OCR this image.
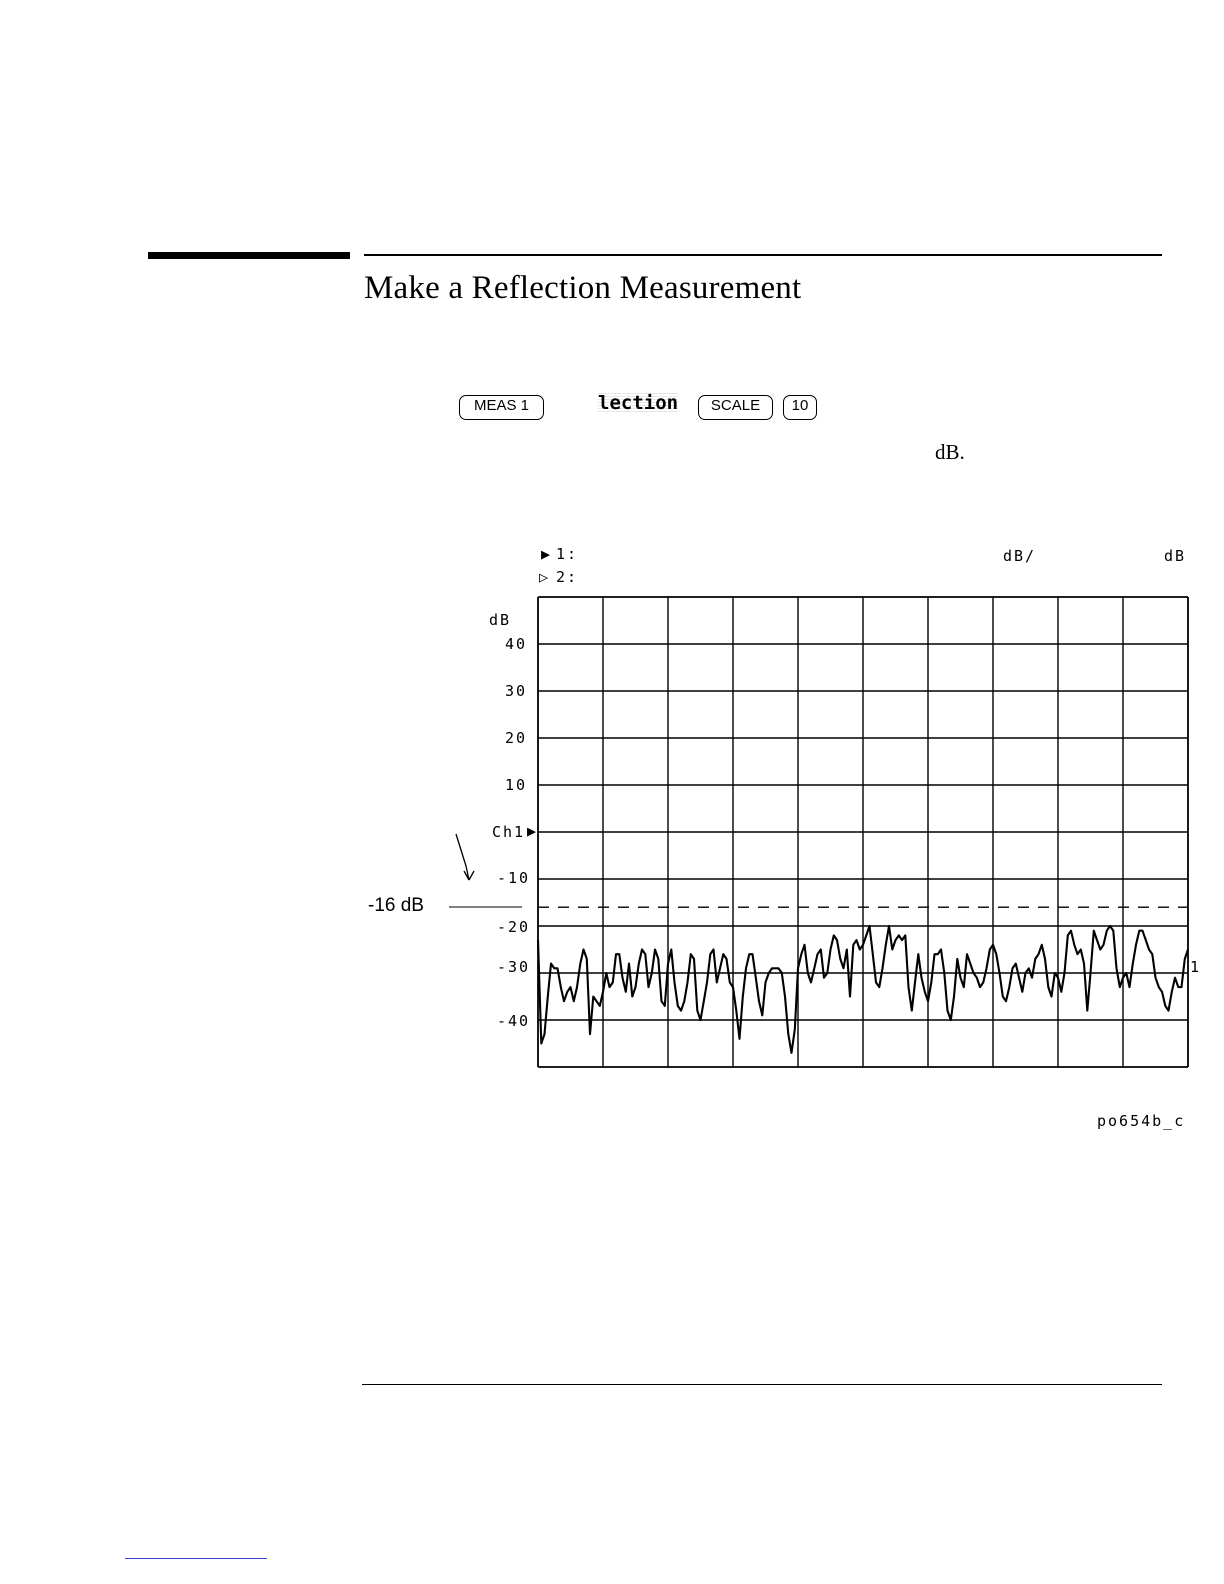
Make a Reflection Measurement
MEAS 1	lection	SCALE	10
dB.
▶ 1:
▷ 2:
dB/	dB
dB
40
30
20
10
Ch1 ▶
-10
-20
-30
-40
-16 dB
1
po654b_c
